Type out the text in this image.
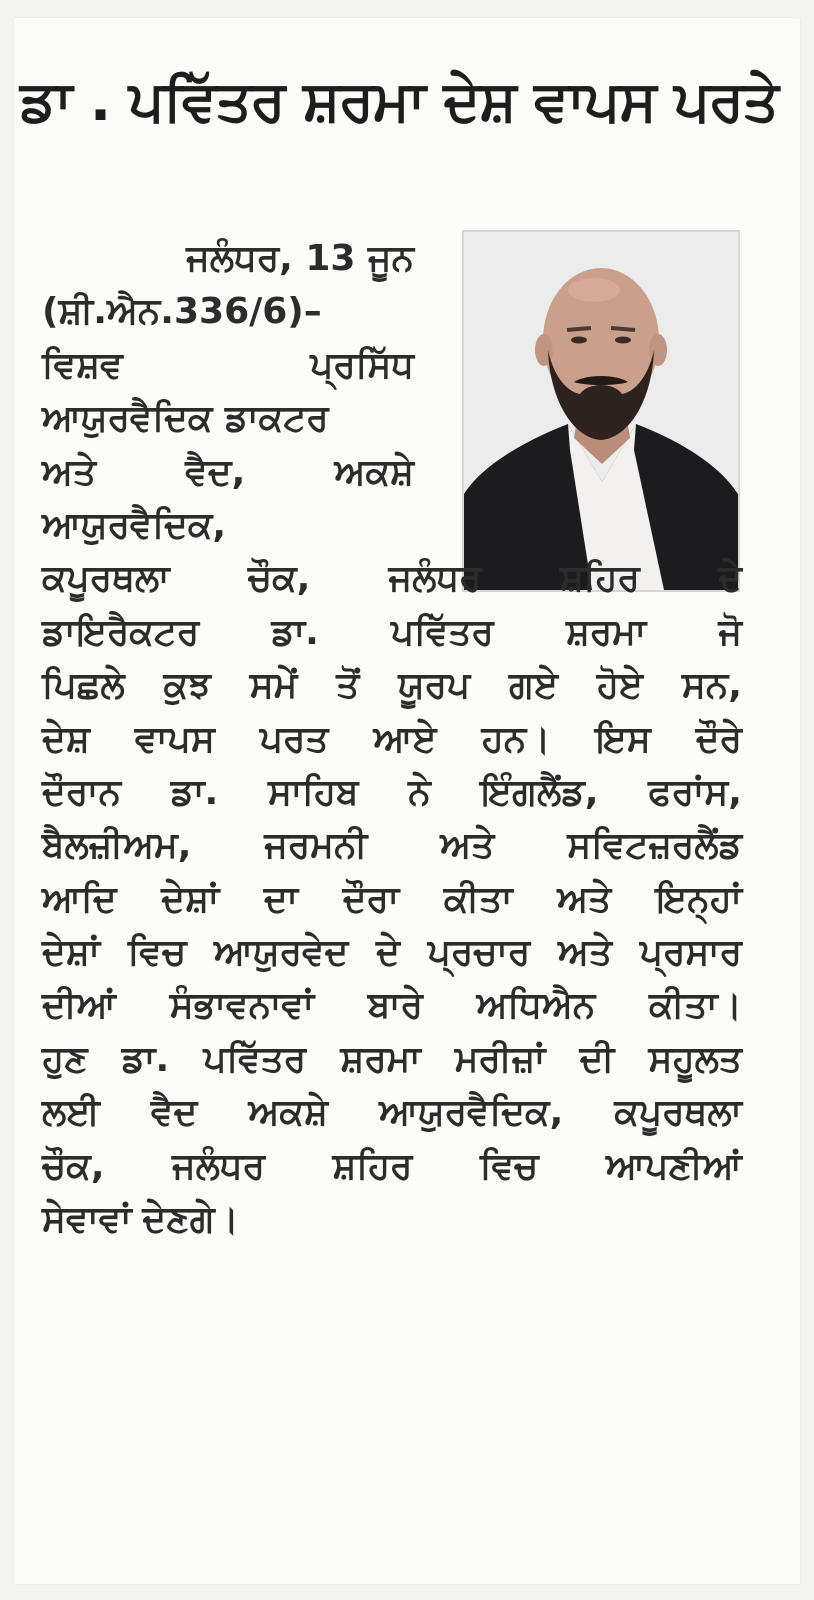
ਡਾ . ਪਵਿੱਤਰ ਸ਼ਰਮਾ ਦੇਸ਼ ਵਾਪਸ ਪਰਤੇ
ਜਲੰਧਰ, 13 ਜੂਨ
(ਸ਼ੀ.ਐਨ.336/6)–
ਵਿਸ਼ਵ	ਪ੍ਰਸਿੱਧ
ਆਯੁਰਵੈਦਿਕ ਡਾਕਟਰ
ਅਤੇ ਵੈਦ, ਅਕਸ਼ੇ
ਆਯੁਰਵੈਦਿਕ,
ਕਪੂਰਥਲਾ ਚੌਕ, ਜਲੰਧਰ ਸ਼ਹਿਰ ਦੇ
ਡਾਇਰੈਕਟਰ ਡਾ. ਪਵਿੱਤਰ ਸ਼ਰਮਾ ਜੋ
ਪਿਛਲੇ ਕੁਝ ਸਮੇਂ ਤੋਂ ਯੂਰਪ ਗਏ ਹੋਏ ਸਨ,
ਦੇਸ਼ ਵਾਪਸ ਪਰਤ ਆਏ ਹਨ। ਇਸ ਦੌਰੇ
ਦੌਰਾਨ ਡਾ. ਸਾਹਿਬ ਨੇ ਇੰਗਲੈਂਡ, ਫਰਾਂਸ,
ਬੈਲਜ਼ੀਅਮ, ਜਰਮਨੀ ਅਤੇ ਸਵਿਟਜ਼ਰਲੈਂਡ
ਆਦਿ ਦੇਸ਼ਾਂ ਦਾ ਦੌਰਾ ਕੀਤਾ ਅਤੇ ਇਨ੍ਹਾਂ
ਦੇਸ਼ਾਂ ਵਿਚ ਆਯੁਰਵੇਦ ਦੇ ਪ੍ਰਚਾਰ ਅਤੇ ਪ੍ਰਸਾਰ
ਦੀਆਂ ਸੰਭਾਵਨਾਵਾਂ ਬਾਰੇ ਅਧਿਐਨ ਕੀਤਾ।
ਹੁਣ ਡਾ. ਪਵਿੱਤਰ ਸ਼ਰਮਾ ਮਰੀਜ਼ਾਂ ਦੀ ਸਹੂਲਤ
ਲਈ ਵੈਦ ਅਕਸ਼ੇ ਆਯੁਰਵੈਦਿਕ, ਕਪੂਰਥਲਾ
ਚੌਕ, ਜਲੰਧਰ ਸ਼ਹਿਰ ਵਿਚ ਆਪਣੀਆਂ
ਸੇਵਾਵਾਂ ਦੇਣਗੇ।
